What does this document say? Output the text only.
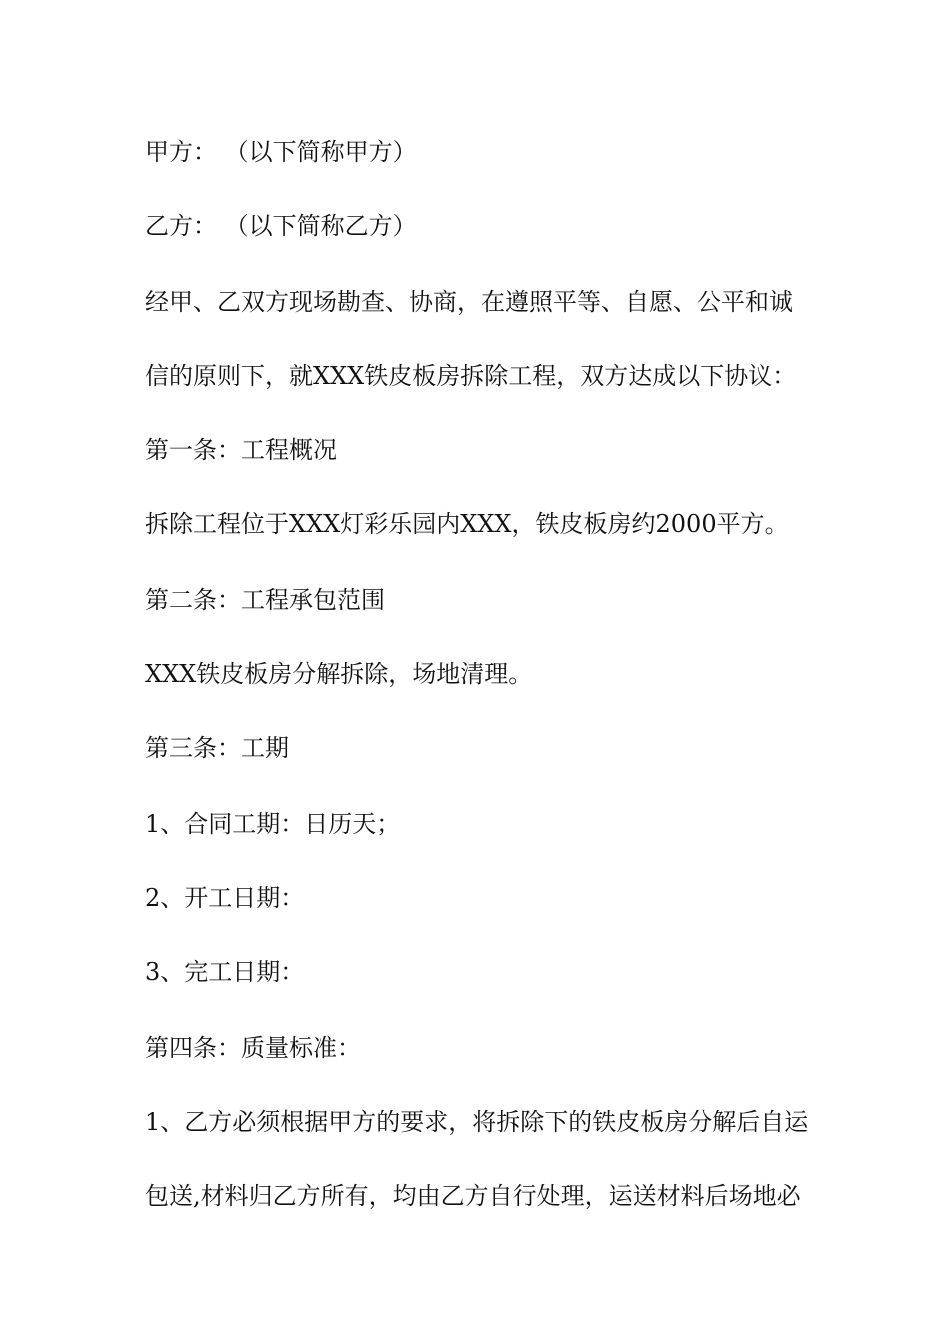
甲方： （以下简称甲方）
乙方： （以下简称乙方）
经甲、乙双方现场勘查、协商，在遵照平等、自愿、公平和诚
信的原则下，就XXX铁皮板房拆除工程，双方达成以下协议：
第一条：工程概况
拆除工程位于XXX灯彩乐园内XXX，铁皮板房约2000平方。
第二条：工程承包范围
XXX铁皮板房分解拆除，场地清理。
第三条：工期
1、合同工期：日历天；
2、开工日期：
3、完工日期：
第四条：质量标准：
1、乙方必须根据甲方的要求，将拆除下的铁皮板房分解后自运
包送,材料归乙方所有，均由乙方自行处理，运送材料后场地必
